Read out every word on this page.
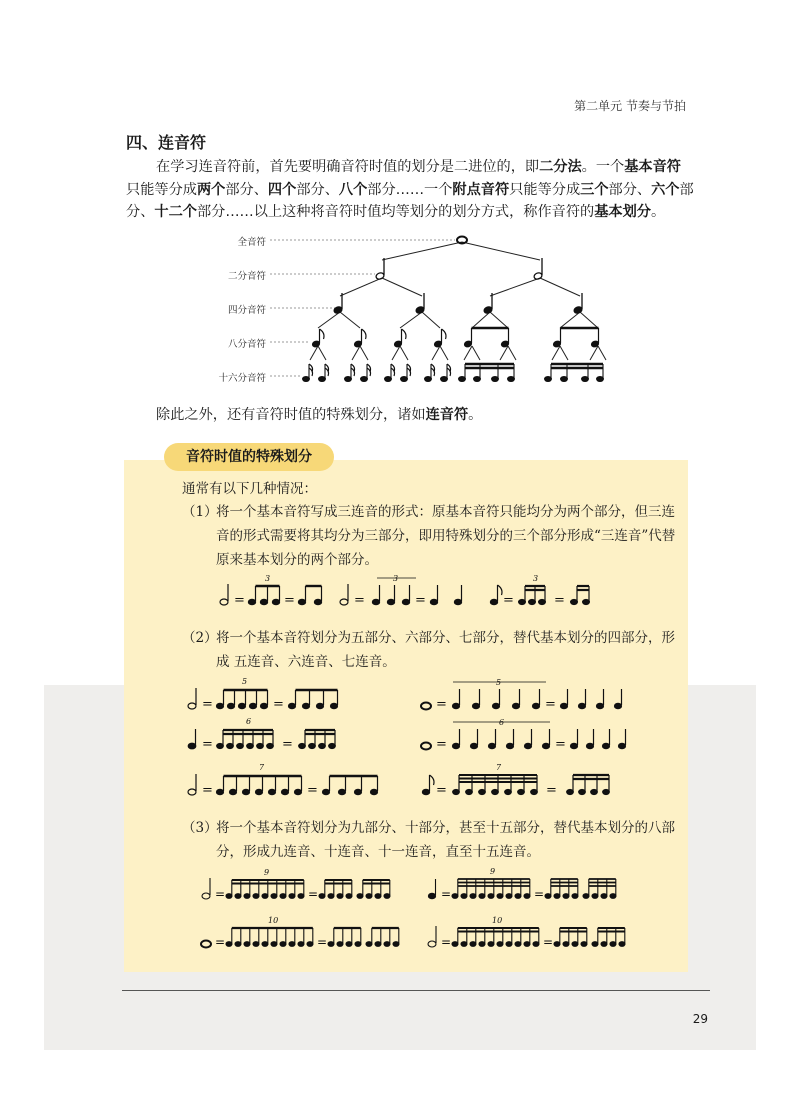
第二单元 节奏与节拍
四、连音符
在学习连音符前，首先要明确音符时值的划分是二进位的，即二分法。一个基本音符只能等分成两个部分、四个部分、八个部分……一个附点音符只能等分成三个部分、六个部分、十二个部分……以上这种将音符时值均等划分的划分方式，称作音符的基本划分。
全音符
二分音符
四分音符
八分音符
十六分音符
除此之外，还有音符时值的特殊划分，诸如连音符。
音符时值的特殊划分
通常有以下几种情况：
（1）
将一个基本音符写成三连音的形式：原基本音符只能均分为两个部分，但三连音的形式需要将其均分为三部分，即用特殊划分的三个部分形成“三连音”代替原来基本划分的两个部分。
=
3
=	=
3
=	=
3
=
（2）
将一个基本音符划分为五部分、六部分、七部分，替代基本划分的四部分，形成 五连音、六连音、七连音。
=
5
=	=
5
=
=
6
=	=
6
=
=
7
=	=
7
=
（3）
将一个基本音符划分为九部分、十部分，甚至十五部分，替代基本划分的八部分，形成九连音、十连音、十一连音，直至十五连音。
=
9
=	=
9
=
=
10
=	=
10
=
29
